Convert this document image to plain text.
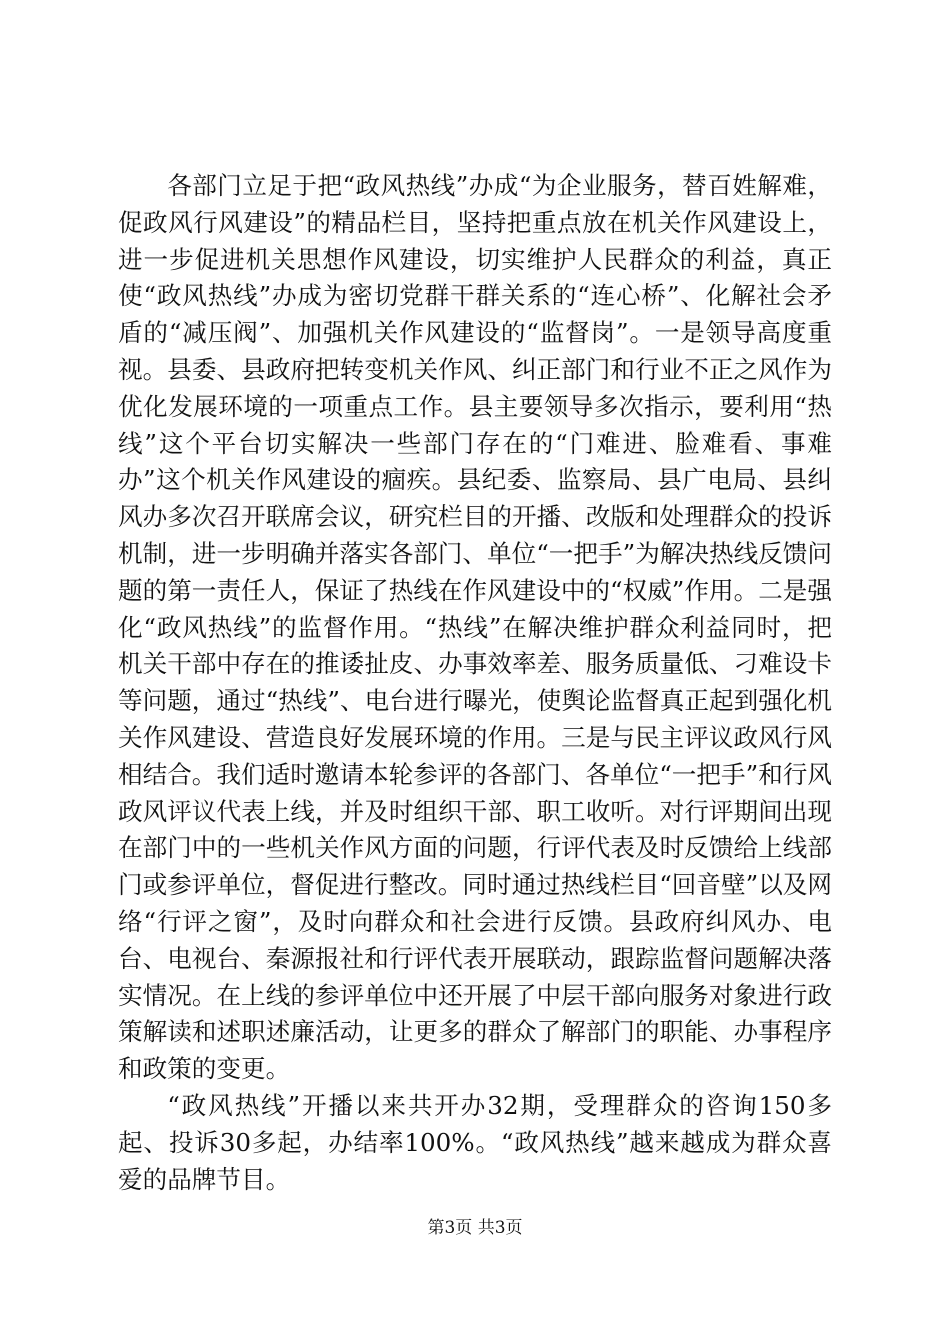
各部门立足于把“政风热线”办成“为企业服务，替百姓解难，促政风行风建设”的精品栏目，坚持把重点放在机关作风建设上，进一步促进机关思想作风建设，切实维护人民群众的利益，真正使“政风热线”办成为密切党群干群关系的“连心桥”、化解社会矛盾的“减压阀”、加强机关作风建设的“监督岗”。一是领导高度重视。县委、县政府把转变机关作风、纠正部门和行业不正之风作为优化发展环境的一项重点工作。县主要领导多次指示，要利用“热线”这个平台切实解决一些部门存在的“门难进、脸难看、事难办”这个机关作风建设的痼疾。县纪委、监察局、县广电局、县纠风办多次召开联席会议，研究栏目的开播、改版和处理群众的投诉机制，进一步明确并落实各部门、单位“一把手”为解决热线反馈问题的第一责任人，保证了热线在作风建设中的“权威”作用。二是强化“政风热线”的监督作用。“热线”在解决维护群众利益同时，把机关干部中存在的推诿扯皮、办事效率差、服务质量低、刁难设卡等问题，通过“热线”、电台进行曝光，使舆论监督真正起到强化机关作风建设、营造良好发展环境的作用。三是与民主评议政风行风相结合。我们适时邀请本轮参评的各部门、各单位“一把手”和行风政风评议代表上线，并及时组织干部、职工收听。对行评期间出现在部门中的一些机关作风方面的问题，行评代表及时反馈给上线部门或参评单位，督促进行整改。同时通过热线栏目“回音壁”以及网络“行评之窗”，及时向群众和社会进行反馈。县政府纠风办、电台、电视台、秦源报社和行评代表开展联动，跟踪监督问题解决落实情况。在上线的参评单位中还开展了中层干部向服务对象进行政策解读和述职述廉活动，让更多的群众了解部门的职能、办事程序和政策的变更。

“政风热线”开播以来共开办32期，受理群众的咨询150多起、投诉30多起，办结率100%。“政风热线”越来越成为群众喜爱的品牌节目。

第3页 共3页
